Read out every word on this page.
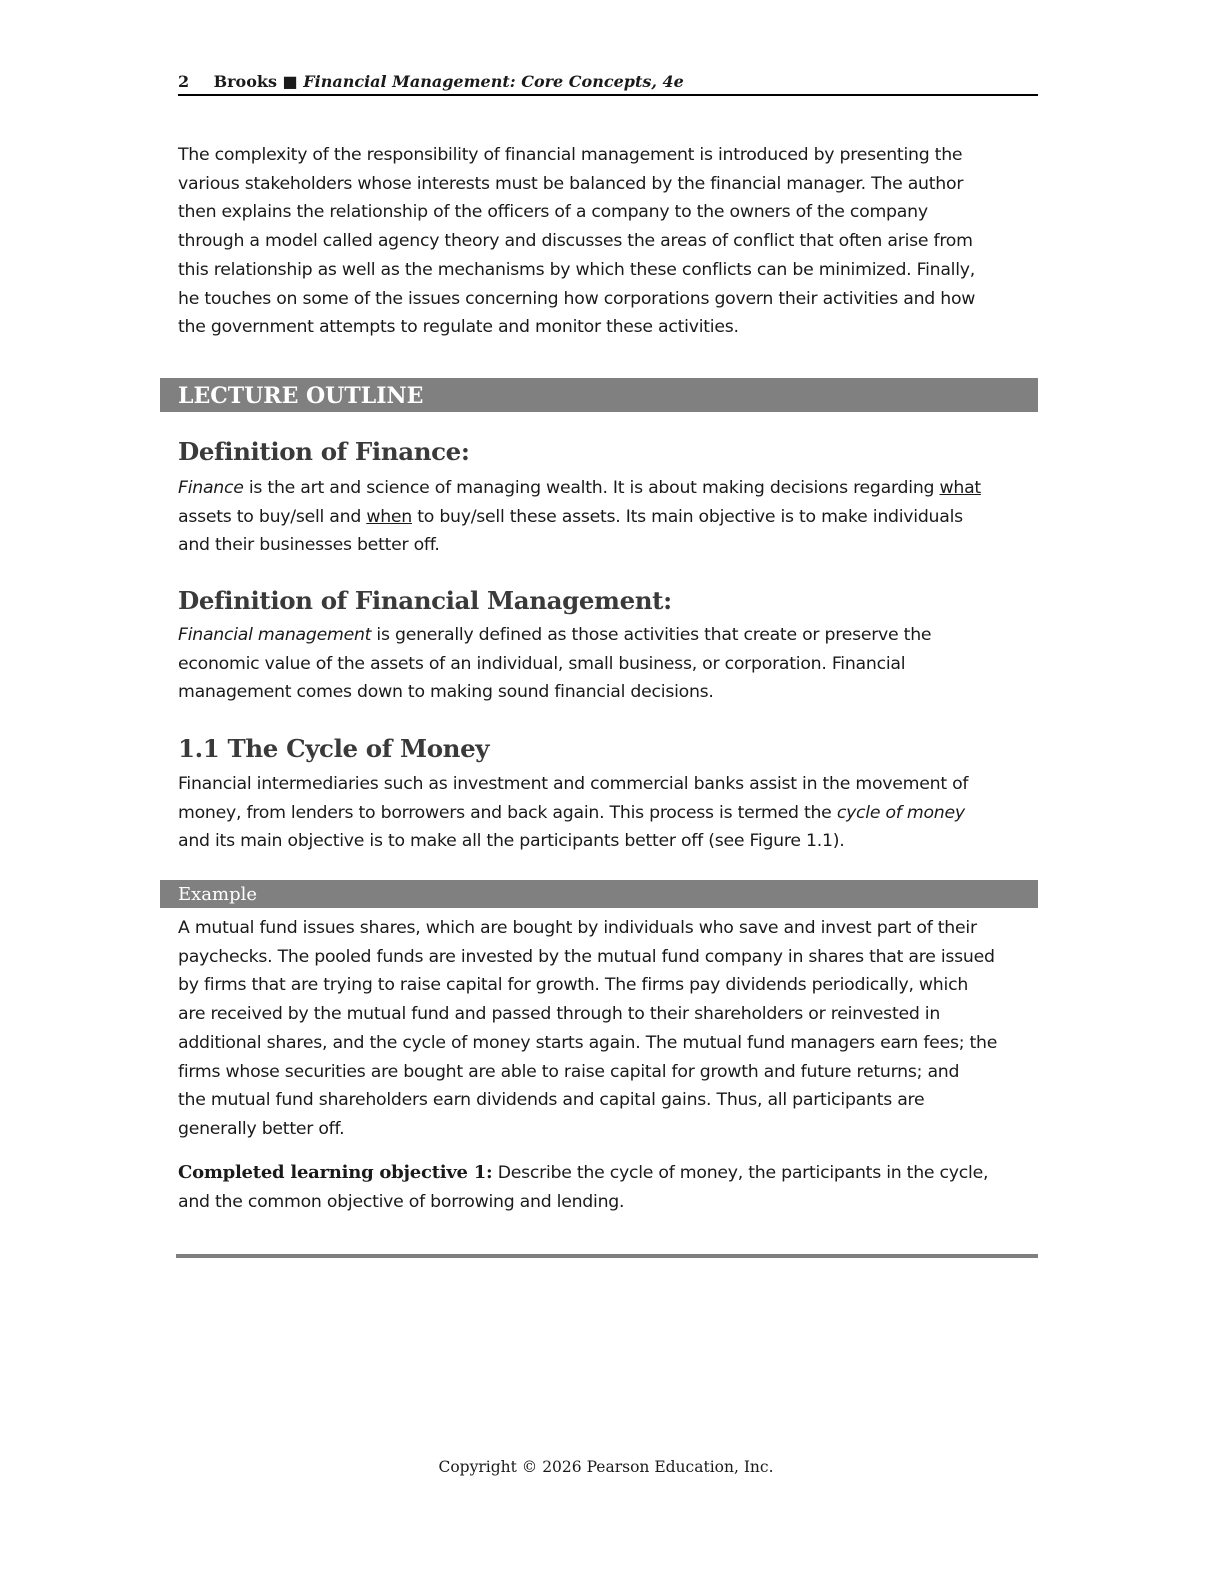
2 Brooks ■ Financial Management: Core Concepts, 4e

The complexity of the responsibility of financial management is introduced by presenting the
various stakeholders whose interests must be balanced by the financial manager. The author
then explains the relationship of the officers of a company to the owners of the company
through a model called agency theory and discusses the areas of conflict that often arise from
this relationship as well as the mechanisms by which these conflicts can be minimized. Finally,
he touches on some of the issues concerning how corporations govern their activities and how
the government attempts to regulate and monitor these activities.

LECTURE OUTLINE
Definition of Finance:

Finance is the art and science of managing wealth. It is about making decisions regarding what
assets to buy/sell and when to buy/sell these assets. Its main objective is to make individuals
and their businesses better off.

Definition of Financial Management:

Financial management is generally defined as those activities that create or preserve the
economic value of the assets of an individual, small business, or corporation. Financial
management comes down to making sound financial decisions.

1.1 The Cycle of Money

Financial intermediaries such as investment and commercial banks assist in the movement of
money, from lenders to borrowers and back again. This process is termed the cycle of money
and its main objective is to make all the participants better off (see Figure 1.1).

Example

A mutual fund issues shares, which are bought by individuals who save and invest part of their
paychecks. The pooled funds are invested by the mutual fund company in shares that are issued
by firms that are trying to raise capital for growth. The firms pay dividends periodically, which
are received by the mutual fund and passed through to their shareholders or reinvested in
additional shares, and the cycle of money starts again. The mutual fund managers earn fees; the
firms whose securities are bought are able to raise capital for growth and future returns; and
the mutual fund shareholders earn dividends and capital gains. Thus, all participants are
generally better off.

Completed learning objective 1: Describe the cycle of money, the participants in the cycle,
and the common objective of borrowing and lending.

Copyright © 2026 Pearson Education, Inc.
